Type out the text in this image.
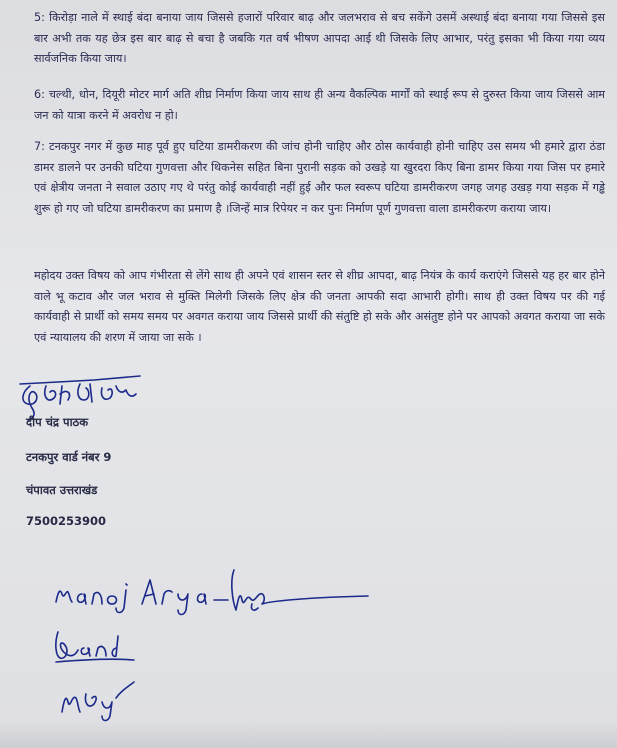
5: किरोड़ा नाले में स्थाई बंदा बनाया जाय जिससे हजारों परिवार बाढ़ और जलभराव से बच सकेंगे उसमें अस्थाई बंदा बनाया गया जिससे इस बार अभी तक यह छेत्र इस बार बाढ़ से बचा है जबकि गत वर्ष भीषण आपदा आई थी जिसके लिए आभार, परंतु इसका भी किया गया व्यय सार्वजनिक किया जाय।

6: चल्थी, धोन, दियूरी मोटर मार्ग अति शीघ्र निर्माण किया जाय साथ ही अन्य वैकल्पिक मार्गों को स्थाई रूप से दुरुस्त किया जाय जिससे आम जन को यात्रा करने में अवरोध न हो।

7: टनकपुर नगर में कुछ माह पूर्व हुए घटिया डामरीकरण की जांच होनी चाहिए और ठोस कार्यवाही होनी चाहिए उस समय भी हमारे द्वारा ठंडा डामर डालने पर उनकी घटिया गुणवत्ता और थिकनेस सहित बिना पुरानी सड़क को उखड़े या खुरदरा किए बिना डामर किया गया जिस पर हमारे एवं क्षेत्रीय जनता ने सवाल उठाए गए थे परंतु कोई कार्यवाही नहीं हुई और फल स्वरूप घटिया डामरीकरण जगह जगह उखड़ गया सड़क में गड्ढे शुरू हो गए जो घटिया डामरीकरण का प्रमाण है ।जिन्हें मात्र रिपेयर न कर पुनः निर्माण पूर्ण गुणवत्ता वाला डामरीकरण कराया जाय।

महोदय उक्त विषय को आप गंभीरता से लेंगे साथ ही अपने एवं शासन स्तर से शीघ्र आपदा, बाढ़ नियंत्र के कार्य कराएंगे जिससे यह हर बार होने वाले भू कटाव और जल भराव से मुक्ति मिलेगी जिसके लिए क्षेत्र की जनता आपकी सदा आभारी होगी। साथ ही उक्त विषय पर की गई कार्यवाही से प्रार्थी को समय समय पर अवगत कराया जाय जिससे प्रार्थी की संतुष्टि हो सके और असंतुष्ट होने पर आपको अवगत कराया जा सके एवं न्यायालय की शरण में जाया जा सके ।

दीप चंद्र पाठक
टनकपुर वार्ड नंबर 9
चंपावत उत्तराखंड
7500253900
